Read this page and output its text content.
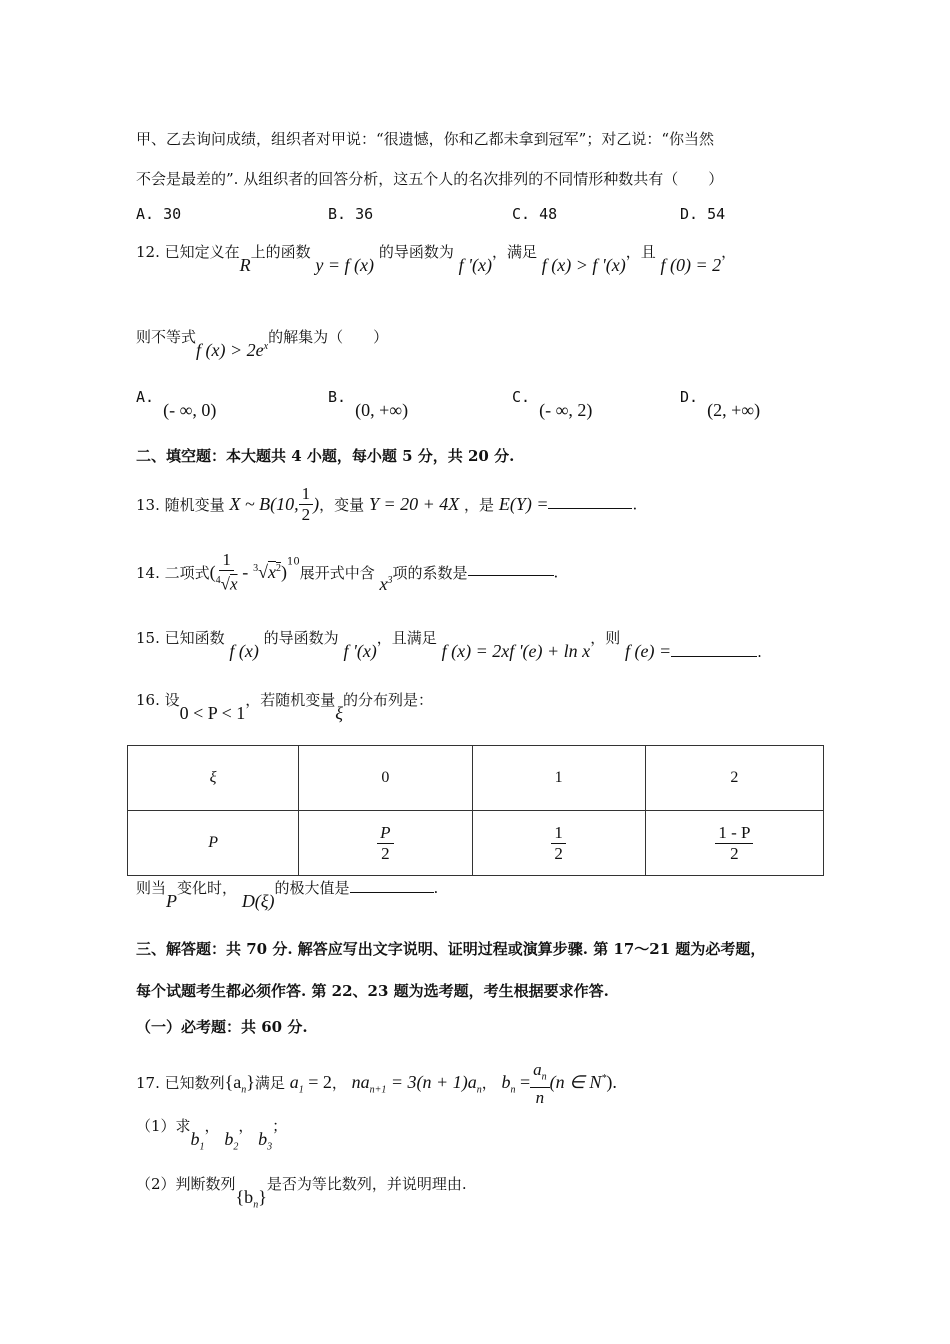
甲、乙去询问成绩，组织者对甲说：“很遗憾，你和乙都未拿到冠军”；对乙说：“你当然
不会是最差的”. 从组织者的回答分析，这五个人的名次排列的不同情形种数共有（　　）
A. 30	B. 36	C. 48	D. 54
12. 已知定义在R上的函数 y = f (x) 的导函数为 f '(x)，满足 f (x) > f '(x)，且 f (0) = 2，
则不等式f $(x) > 2e^x$的解集为（　　）
A. (- ∞, 0)
B. (0, +∞)
C. (- ∞, 2)
D. (2, +∞)
二、填空题：本大题共 4 小题，每小题 5 分，共 20 分.
13. 随机变量 X ~ B(10, $\frac{1}{2}$ )，变量 Y = 20 + 4X ，是 E(Y) =	.
14. 二项式( $\frac{1}{^4√x} - ^3√x^2)^{10}$展开式中含 $x^3$项的系数是	.
15. 已知函数 f (x) 的导函数为 f '(x)，且满足 f (x) = 2xf '(e) + ln x，则 f (e) =	.
16. 设0 < P < 1，若随机变量ξ的分布列是：
ξ	0	1	2
P	$\frac{P}{2}$	$\frac{1}{2}$	$\frac{1 - P}{2}$
则当P变化时， D(ξ)的极大值是	.
三、解答题：共 70 分. 解答应写出文字说明、证明过程或演算步骤. 第 17～21 题为必考题，
每个试题考生都必须作答. 第 22、23 题为选考题，考生根据要求作答.
（一）必考题：共 60 分.
17. 已知数列$\{a_n\}$满足 $a_1 = 2$， $na_{n+1} = 3(n + 1)a_n$， $b_n = \frac{a_n}{n} (n$ ∈ N*).
（1）求$b_1$， $b_2$， $b_3$；
（2）判断数列$\{b_n\}$是否为等比数列，并说明理由.
